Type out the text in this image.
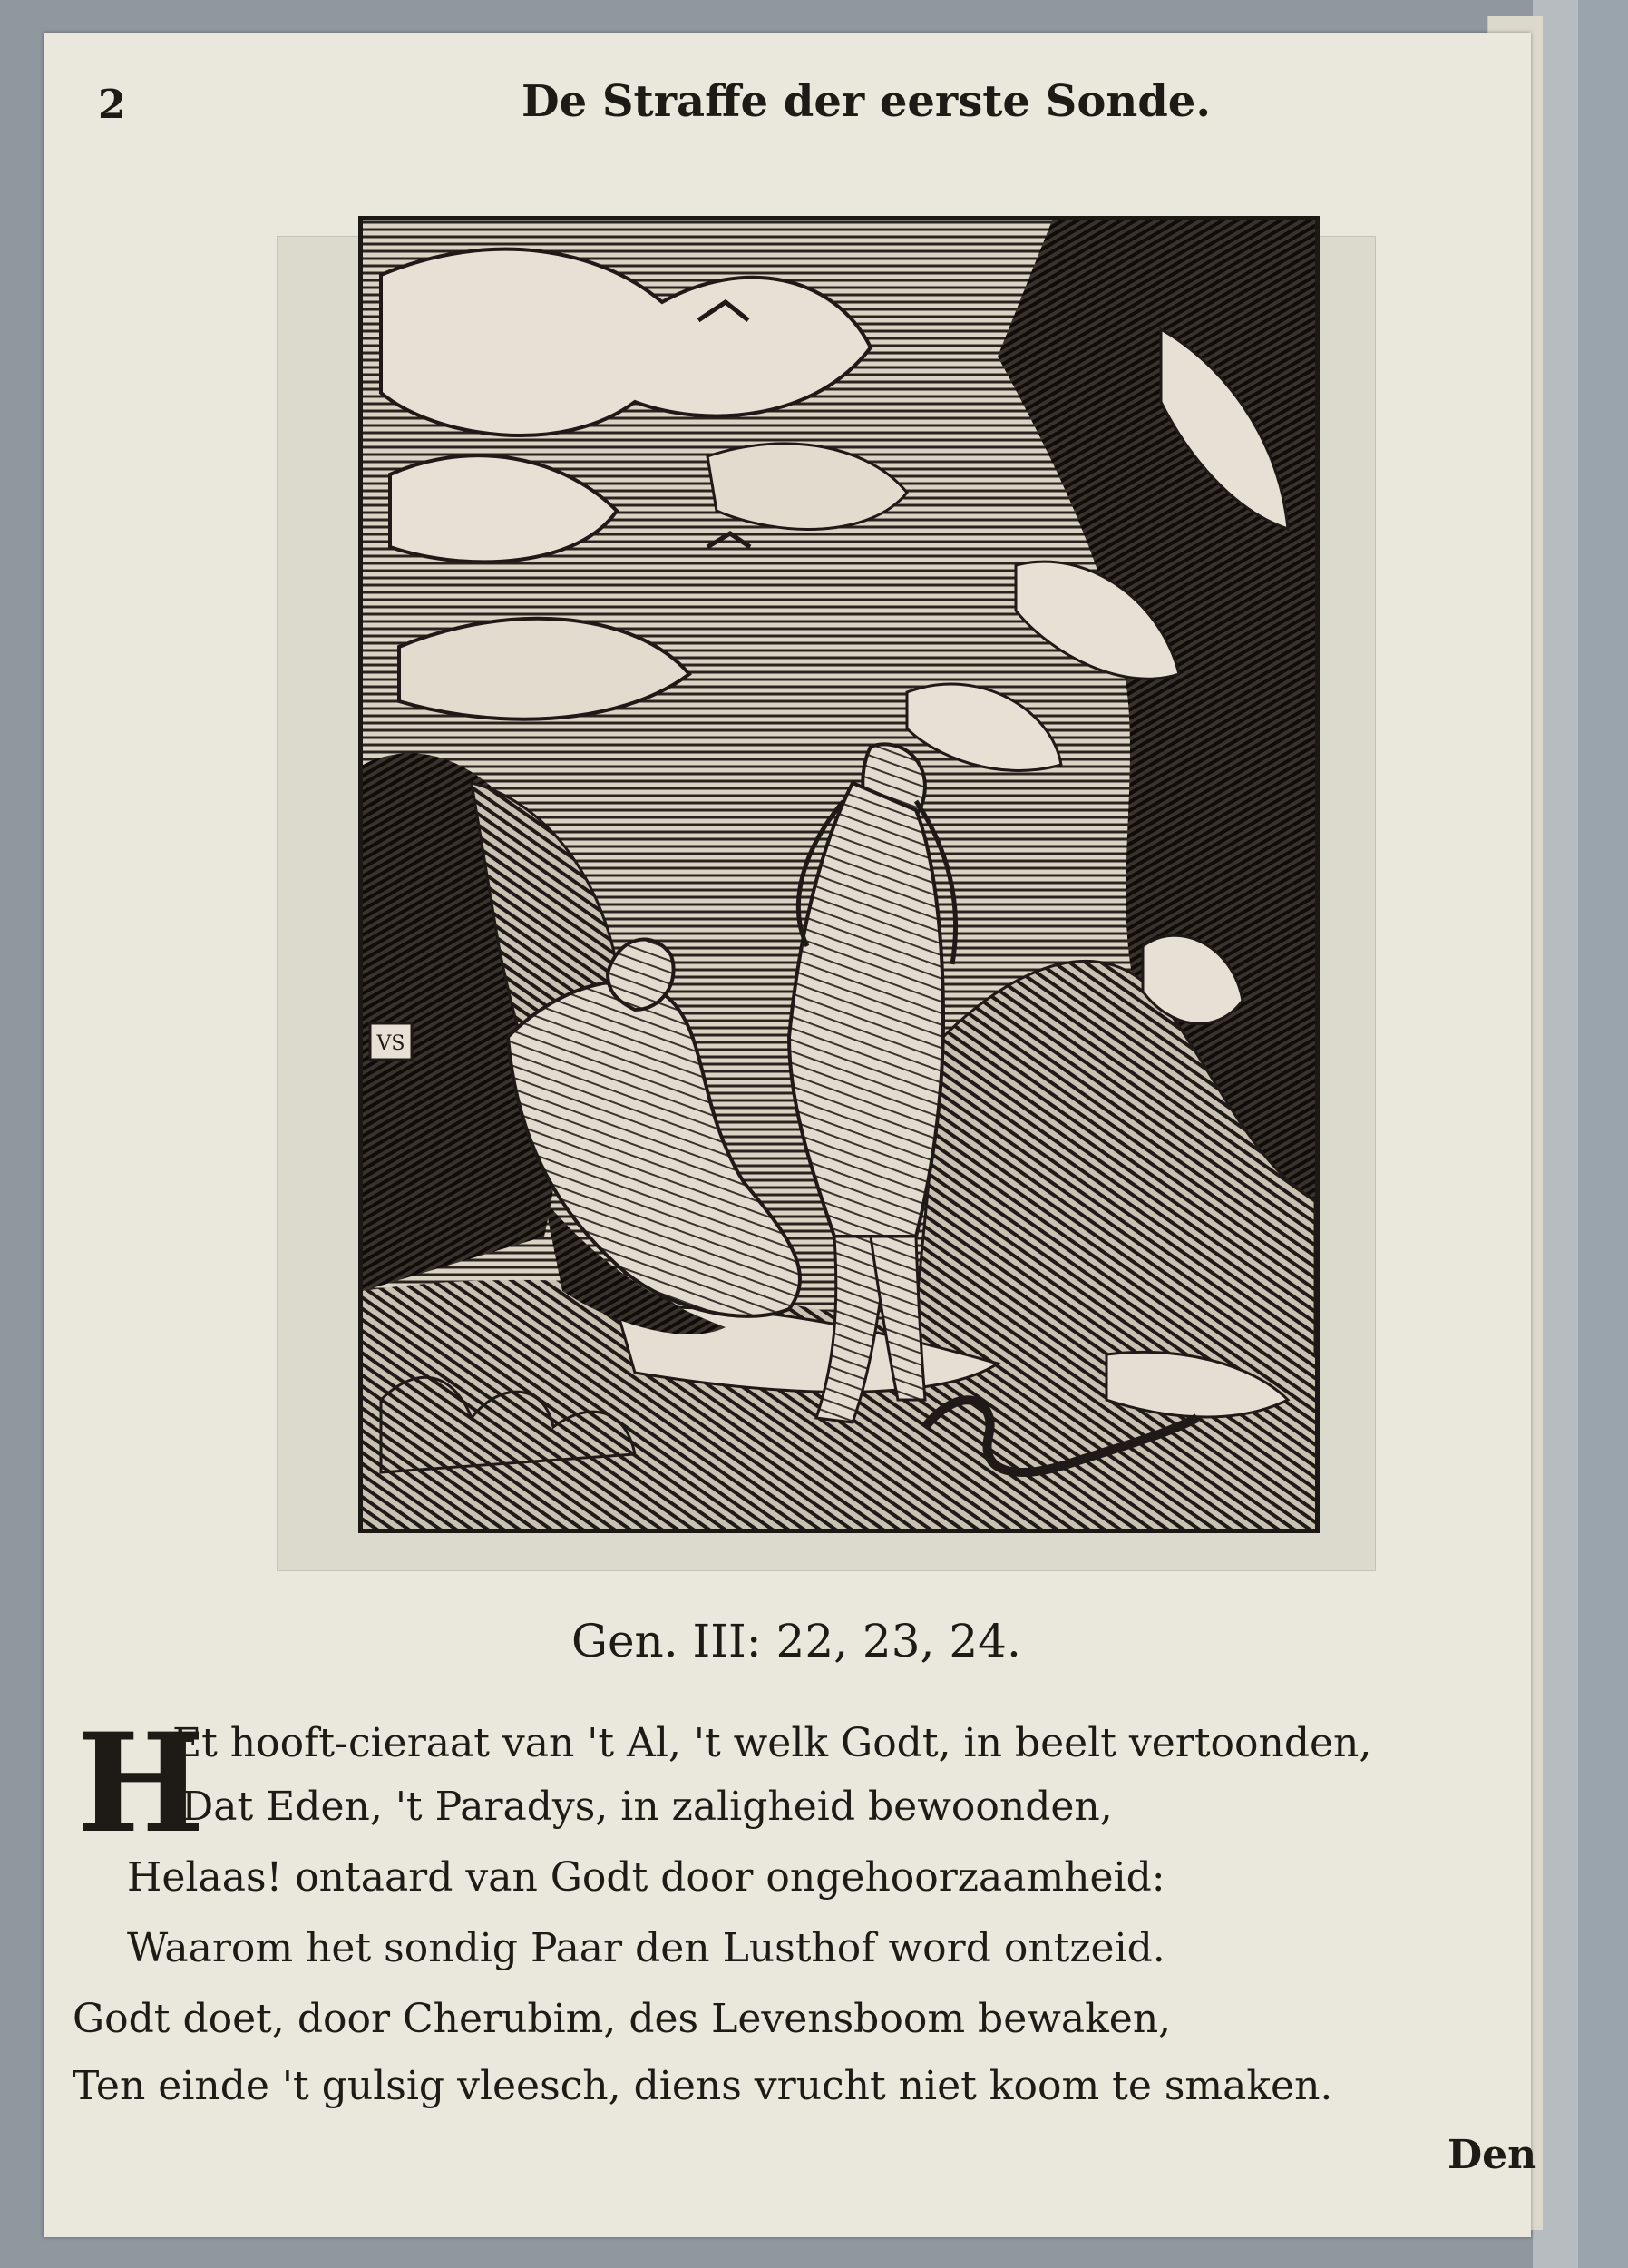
2	De Straffe der eerste Sonde.
VS
Gen. III: 22, 23, 24.
H
Et hooft-cieraat van 't Al, 't welk Godt, in beelt vertoonden,
Dat Eden, 't Paradys, in zaligheid bewoonden,
Helaas! ontaard van Godt door ongehoorzaamheid:
Waarom het sondig Paar den Lusthof word ontzeid.
Godt doet, door Cherubim, des Levensboom bewaken,
Ten einde 't gulsig vleesch, diens vrucht niet koom te smaken.
Den
